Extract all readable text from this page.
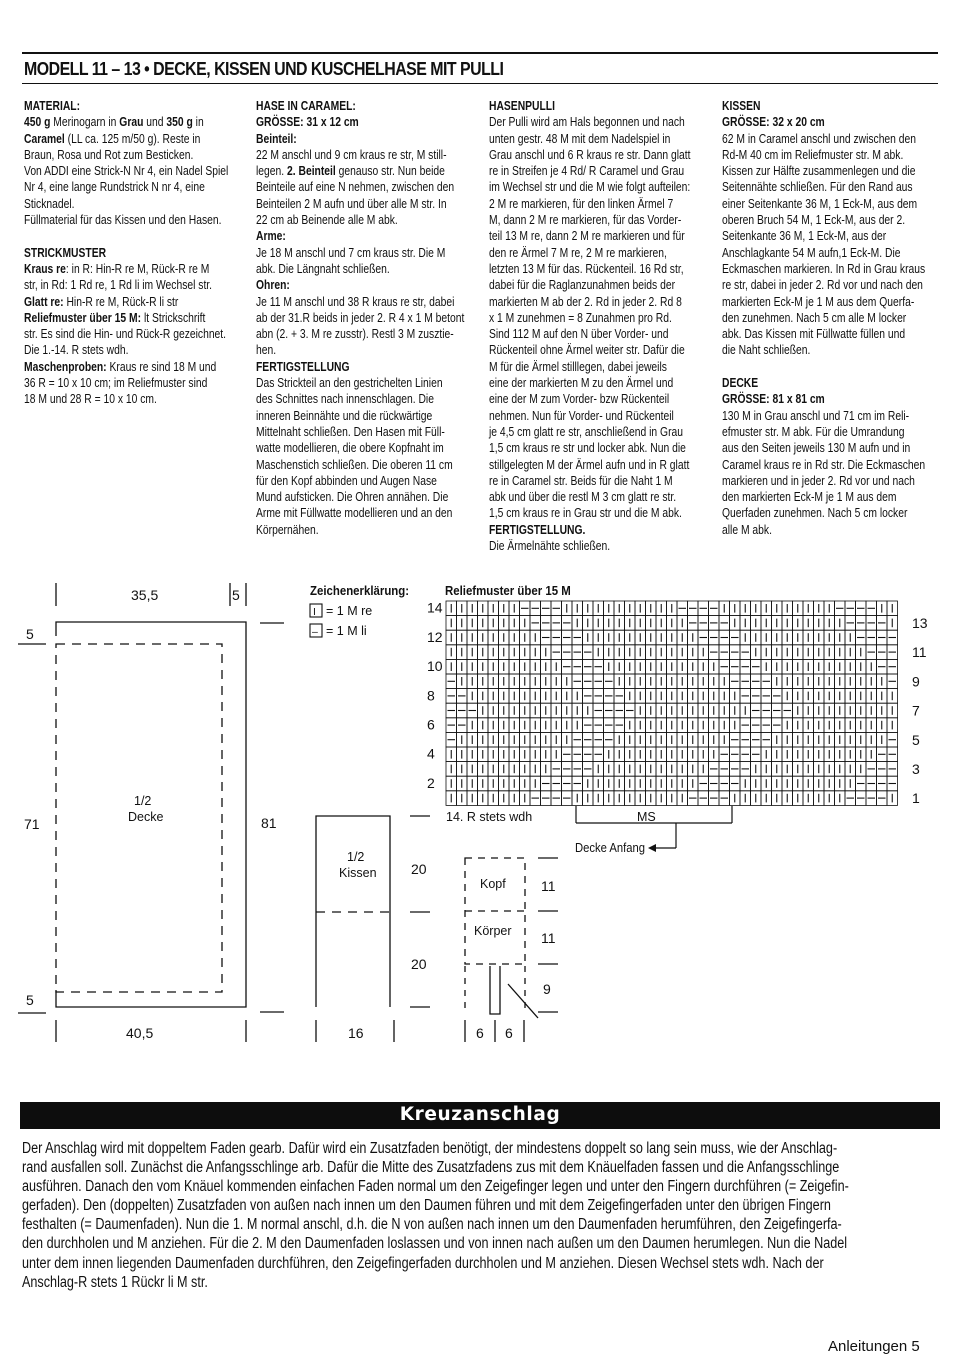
MODELL 11 – 13 • DECKE, KISSEN UND KUSCHELHASE MIT PULLI

MATERIAL:

450 g Merinogarn in Grau und 350 g in

Caramel (LL ca. 125 m/50 g). Reste in

Braun, Rosa und Rot zum Besticken.

Von ADDI eine Strick-N Nr 4, ein Nadel Spiel

Nr 4, eine lange Rundstrick N nr 4, eine

Sticknadel.

Füllmaterial für das Kissen und den Hasen.

STRICKMUSTER

Kraus re: in R: Hin-R re M, Rück-R re M

str, in Rd: 1 Rd re, 1 Rd li im Wechsel str.

Glatt re: Hin-R re M, Rück-R li str

Reliefmuster über 15 M: lt Strickschrift

str. Es sind die Hin- und Rück-R gezeichnet.

Die 1.-14. R stets wdh.

Maschenproben: Kraus re sind 18 M und

36 R = 10 x 10 cm; im Reliefmuster sind

18 M und 28 R = 10 x 10 cm.

HASE IN CARAMEL:

GRÖSSE: 31 x 12 cm

Beinteil:

22 M anschl und 9 cm kraus re str, M still-

legen. 2. Beinteil genauso str. Nun beide

Beinteile auf eine N nehmen, zwischen den

Beinteilen 2 M aufn und über alle M str. In

22 cm ab Beinende alle M abk.

Arme:

Je 18 M anschl und 7 cm kraus str. Die M

abk. Die Längnaht schließen.

Ohren:

Je 11 M anschl und 38 R kraus re str, dabei

ab der 31.R beids in jeder 2. R 4 x 1 M betont

abn (2. + 3. M re zusstr). Restl 3 M zusztie-

hen.

FERTIGSTELLUNG

Das Strickteil an den gestrichelten Linien

des Schnittes nach innenschlagen. Die

inneren Beinnähte und die rückwärtige

Mittelnaht schließen. Den Hasen mit Füll-

watte modellieren, die obere Kopfnaht im

Maschenstich schließen. Die oberen 11 cm

für den Kopf abbinden und Augen Nase

Mund aufsticken. Die Ohren annähen. Die

Arme mit Füllwatte modellieren und an den

Körpernähen.

HASENPULLI

Der Pulli wird am Hals begonnen und nach

unten gestr. 48 M mit dem Nadelspiel in

Grau anschl und 6 R kraus re str. Dann glatt

re in Streifen je 4 Rd/ R Caramel und Grau

im Wechsel str und die M wie folgt aufteilen:

2 M re markieren, für den linken Ärmel 7

M, dann 2 M re markieren, für das Vorder-

teil 13 M re, dann 2 M re markieren und für

den re Ärmel 7 M re, 2 M re markieren,

letzten 13 M für das. Rückenteil. 16 Rd str,

dabei für die Raglanzunahmen beids der

markierten M ab der 2. Rd in jeder 2. Rd 8

x 1 M zunehmen = 8 Zunahmen pro Rd.

Sind 112 M auf den N über Vorder- und

Rückenteil ohne Ärmel weiter str. Dafür die

M für die Ärmel stilllegen, dabei jeweils

eine der markierten M zu den Ärmel und

eine der M zum Vorder- bzw Rückenteil

nehmen. Nun für Vorder- und Rückenteil

je 4,5 cm glatt re str, anschließend in Grau

1,5 cm kraus re str und locker abk. Nun die

stillgelegten M der Ärmel aufn und in R glatt

re in Caramel str. Beids für die Naht 1 M

abk und über die restl M 3 cm glatt re str.

1,5 cm kraus re in Grau str und die M abk.

FERTIGSTELLUNG.

Die Ärmelnähte schließen.

KISSEN

GRÖSSE: 32 x 20 cm

62 M in Caramel anschl und zwischen den

Rd-M 40 cm im Reliefmuster str. M abk.

Kissen zur Hälfte zusammenlegen und die

Seitennähte schließen. Für den Rand aus

einer Seitenkante 36 M, 1 Eck-M, aus dem

oberen Bruch 54 M, 1 Eck-M, aus der 2.

Seitenkante 36 M, 1 Eck-M, aus der

Anschlagkante 54 M aufn,1 Eck-M. Die

Eckmaschen markieren. In Rd in Grau kraus

re str, dabei in jeder 2. Rd vor und nach den

markierten Eck-M je 1 M aus dem Querfa-

den zunehmen. Nach 5 cm alle M locker

abk. Das Kissen mit Füllwatte füllen und

die Naht schließen.

DECKE

GRÖSSE: 81 x 81 cm

130 M in Grau anschl und 71 cm im Reli-

efmuster str. M abk. Für die Umrandung

aus den Seiten jeweils 130 M aufn und in

Caramel kraus re in Rd str. Die Eckmaschen

markieren und in jeder 2. Rd vor und nach

den markierten Eck-M je 1 M aus dem

Querfaden zunehmen. Nach 5 cm locker

alle M abk.

35,5	5
5
71
5
40,5
1/2
Decke	81
1/2
Kissen 20
20
16
Kopf
Körper
11
11
9
6 6
Zeichenerklärung:
I = 1 M re
– = 1 M li
Reliefmuster über 15 M
14
12
10
8
6
4
2
13
11
9
7
5
3
1
14. R stets wdh	MS
Decke Anfang
Kreuzanschlag

Der Anschlag wird mit doppeltem Faden gearb. Dafür wird ein Zusatzfaden benötigt, der mindestens doppelt so lang sein muss, wie der Anschlag-

rand ausfallen soll. Zunächst die Anfangsschlinge arb. Dafür die Mitte des Zusatzfadens zus mit dem Knäuelfaden fassen und die Anfangsschlinge

ausführen. Danach den vom Knäuel kommenden einfachen Faden normal um den Zeigefinger legen und unter den Fingern durchführen (= Zeigefin-

gerfaden). Den (doppelten) Zusatzfaden von außen nach innen um den Daumen führen und mit dem Zeigefingerfaden unter den übrigen Fingern

festhalten (= Daumenfaden). Nun die 1. M normal anschl, d.h. die N von außen nach innen um den Daumenfaden herumführen, den Zeigefingerfa-

den durchholen und M anziehen. Für die 2. M den Daumenfaden loslassen und von innen nach außen um den Daumen herumlegen. Nun die Nadel

unter dem innen liegenden Daumenfaden durchführen, den Zeigefingerfaden durchholen und M anziehen. Diesen Wechsel stets wdh. Nach der

Anschlag-R stets 1 Rückr li M str.

Anleitungen 5
